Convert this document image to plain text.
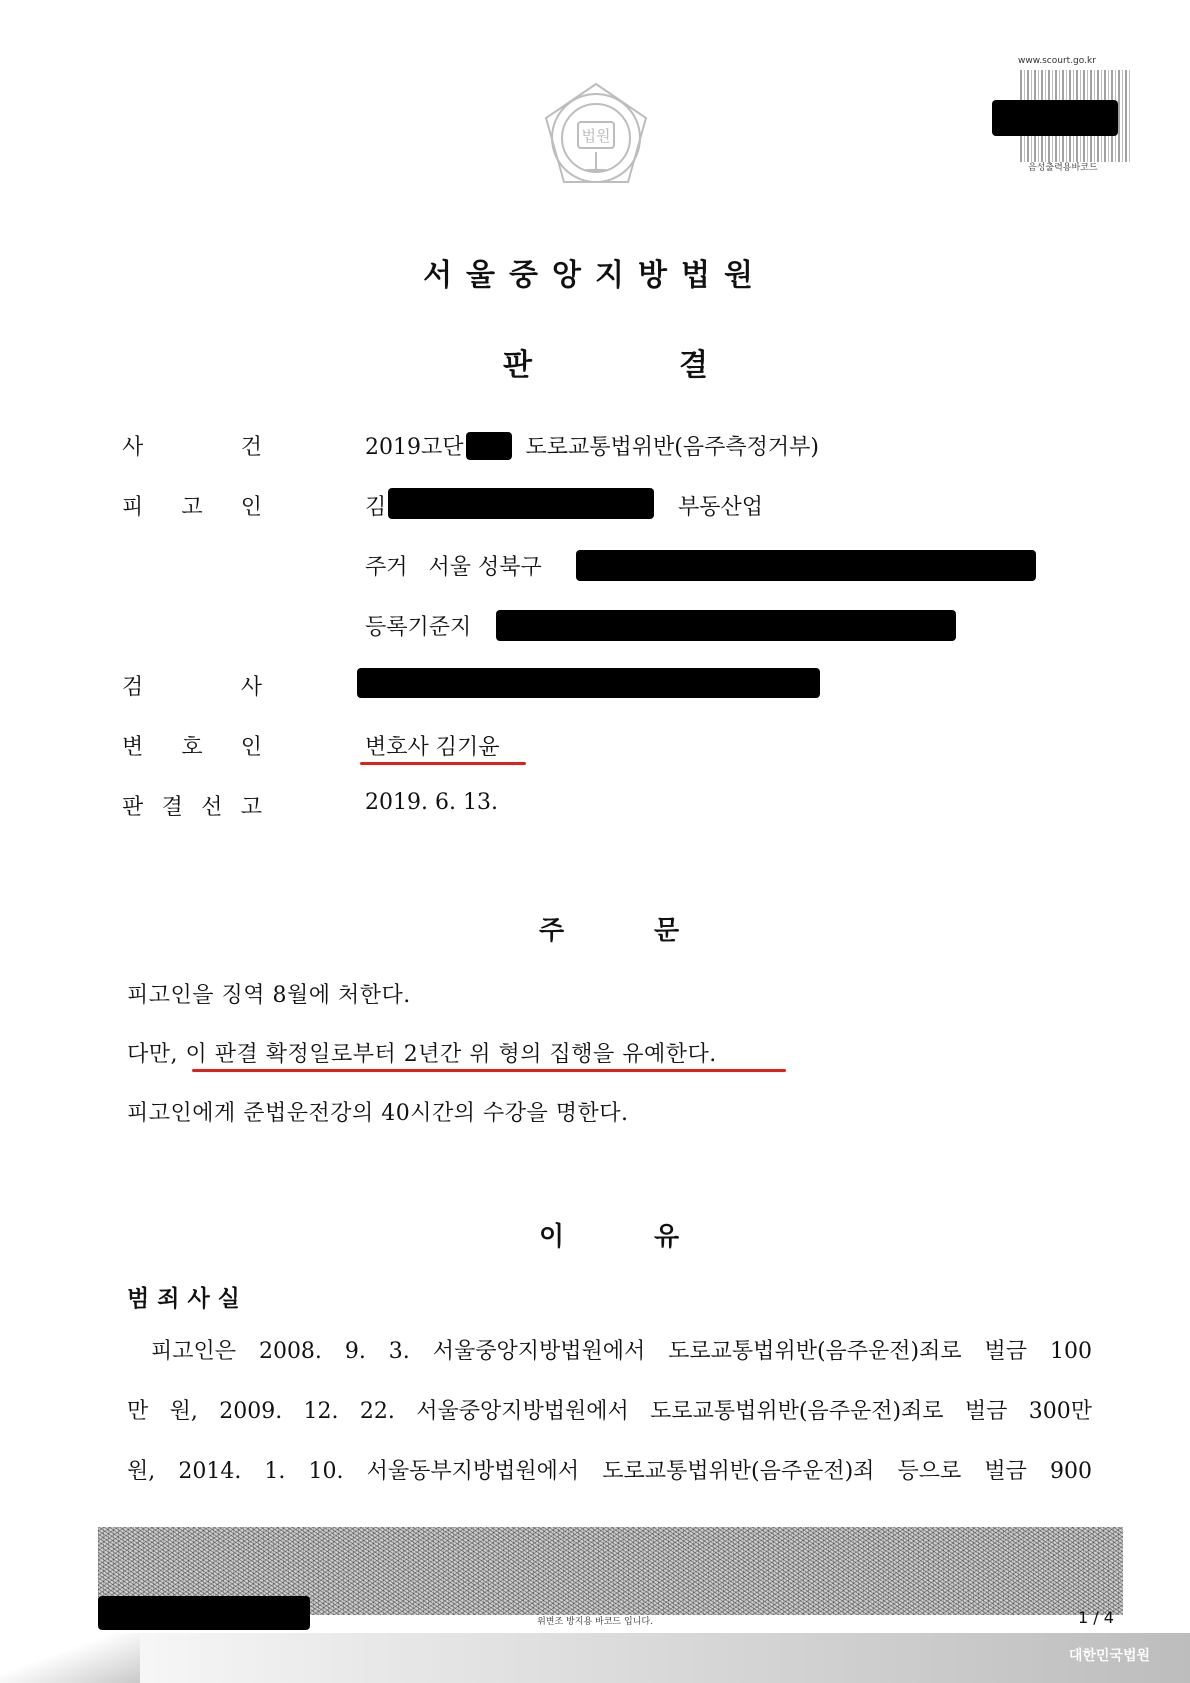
법원
www.scourt.go.kr
음성출력용바코드
서울중앙지방법원
판	결
사	건	2019고단	도로교통법위반(음주측정거부)
피 고 인	김	부동산업
주거 서울 성북구
등록기준지
검	사
변 호 인	변호사 김기윤
판 결 선 고	2019. 6. 13.
주	문
피고인을 징역 8월에 처한다.
다만, 이 판결 확정일로부터 2년간 위 형의 집행을 유예한다.
피고인에게 준법운전강의 40시간의 수강을 명한다.
이	유
범 죄 사 실
피고인은 2008. 9. 3. 서울중앙지방법원에서 도로교통법위반(음주운전)죄로 벌금 100
만 원, 2009. 12. 22. 서울중앙지방법원에서 도로교통법위반(음주운전)죄로 벌금 300만
원, 2014. 1. 10. 서울동부지방법원에서 도로교통법위반(음주운전)죄 등으로 벌금 900
위변조 방지용 바코드 입니다.	1 / 4
대한민국법원
